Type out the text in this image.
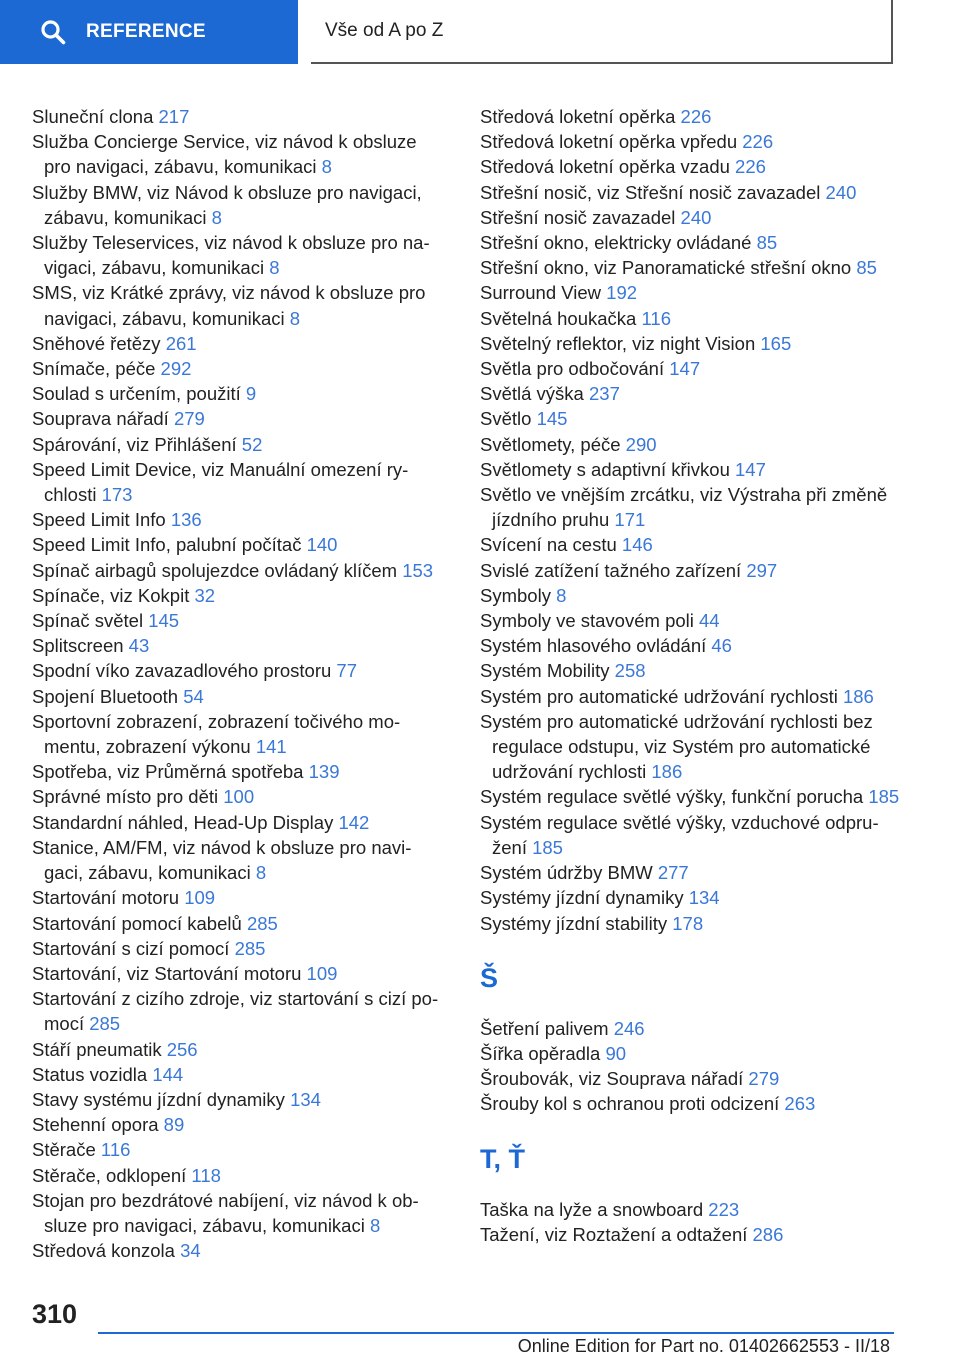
REFERENCE	Vše od A po Z
Sluneční clona 217
Služba Concierge Service, viz návod k obsluze pro navigaci, zábavu, komunikaci 8
Služby BMW, viz Návod k obsluze pro navigaci, zábavu, komunikaci 8
Služby Teleservices, viz návod k obsluze pro navigaci, zábavu, komunikaci 8
SMS, viz Krátké zprávy, viz návod k obsluze pro navigaci, zábavu, komunikaci 8
Sněhové řetězy 261
Snímače, péče 292
Soulad s určením, použití 9
Souprava nářadí 279
Spárování, viz Přihlášení 52
Speed Limit Device, viz Manuální omezení rychlosti 173
Speed Limit Info 136
Speed Limit Info, palubní počítač 140
Spínač airbagů spolujezdce ovládaný klíčem 153
Spínače, viz Kokpit 32
Spínač světel 145
Splitscreen 43
Spodní víko zavazadlového prostoru 77
Spojení Bluetooth 54
Sportovní zobrazení, zobrazení točivého momentu, zobrazení výkonu 141
Spotřeba, viz Průměrná spotřeba 139
Správné místo pro děti 100
Standardní náhled, Head-Up Display 142
Stanice, AM/FM, viz návod k obsluze pro navigaci, zábavu, komunikaci 8
Startování motoru 109
Startování pomocí kabelů 285
Startování s cizí pomocí 285
Startování, viz Startování motoru 109
Startování z cizího zdroje, viz startování s cizí pomocí 285
Stáří pneumatik 256
Status vozidla 144
Stavy systému jízdní dynamiky 134
Stehenní opora 89
Stěrače 116
Stěrače, odklopení 118
Stojan pro bezdrátové nabíjení, viz návod k obsluze pro navigaci, zábavu, komunikaci 8
Středová konzola 34
Středová loketní opěrka 226
Středová loketní opěrka vpředu 226
Středová loketní opěrka vzadu 226
Střešní nosič, viz Střešní nosič zavazadel 240
Střešní nosič zavazadel 240
Střešní okno, elektricky ovládané 85
Střešní okno, viz Panoramatické střešní okno 85
Surround View 192
Světelná houkačka 116
Světelný reflektor, viz night Vision 165
Světla pro odbočování 147
Světlá výška 237
Světlo 145
Světlomety, péče 290
Světlomety s adaptivní křivkou 147
Světlo ve vnějším zrcátku, viz Výstraha při změně jízdního pruhu 171
Svícení na cestu 146
Svislé zatížení tažného zařízení 297
Symboly 8
Symboly ve stavovém poli 44
Systém hlasového ovládání 46
Systém Mobility 258
Systém pro automatické udržování rychlosti 186
Systém pro automatické udržování rychlosti bez regulace odstupu, viz Systém pro automatické udržování rychlosti 186
Systém regulace světlé výšky, funkční porucha 185
Systém regulace světlé výšky, vzduchové odpružení 185
Systém údržby BMW 277
Systémy jízdní dynamiky 134
Systémy jízdní stability 178
Š
Šetření palivem 246
Šířka opěradla 90
Šroubovák, viz Souprava nářadí 279
Šrouby kol s ochranou proti odcizení 263
T, Ť
Taška na lyže a snowboard 223
Tažení, viz Roztažení a odtažení 286
310
Online Edition for Part no. 01402662553 - II/18
